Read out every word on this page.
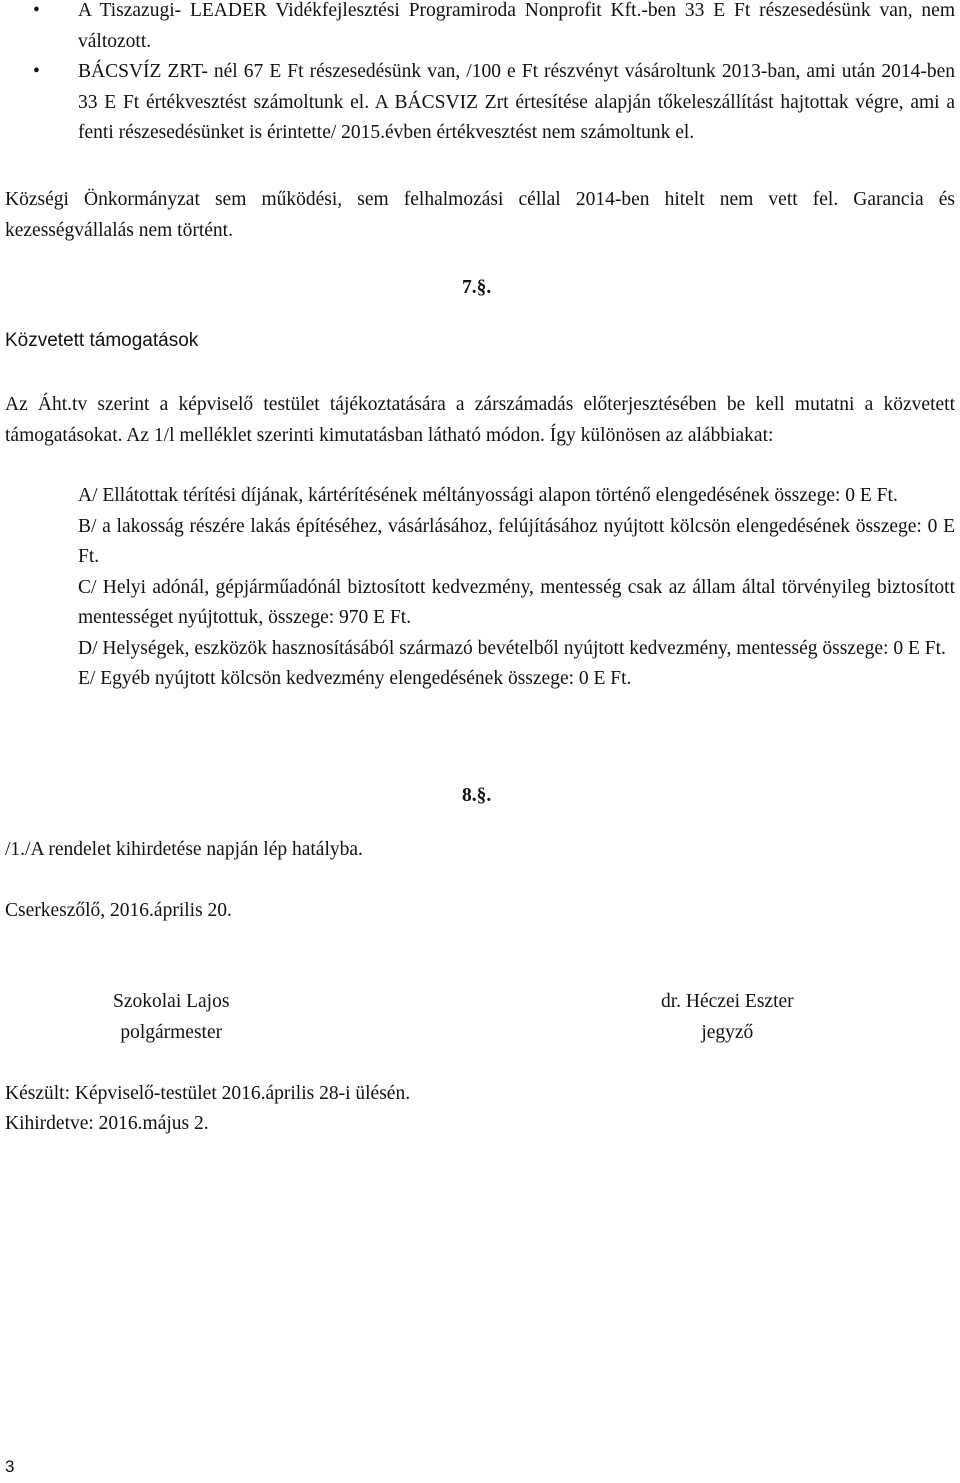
• A Tiszazugi- LEADER Vidékfejlesztési Programiroda Nonprofit Kft.-ben 33 E Ft részesedésünk van, nem változott.
• BÁCSVÍZ ZRT- nél 67 E Ft részesedésünk van, /100 e Ft részvényt vásároltunk 2013-ban, ami után 2014-ben 33 E Ft értékvesztést számoltunk el. A BÁCSVIZ Zrt értesítése alapján tőkeleszállítást hajtottak végre, ami a fenti részesedésünket is érintette/ 2015.évben értékvesztést nem számoltunk el.

Községi Önkormányzat sem működési, sem felhalmozási céllal 2014-ben hitelt nem vett fel. Garancia és kezességvállalás nem történt.

7.§.
Közvetett támogatások

Az Áht.tv szerint a képviselő testület tájékoztatására a zárszámadás előterjesztésében be kell mutatni a közvetett támogatásokat. Az 1/l melléklet szerinti kimutatásban látható módon. Így különösen az alábbiakat:

A/ Ellátottak térítési díjának, kártérítésének méltányossági alapon történő elengedésének összege: 0 E Ft.
B/ a lakosság részére lakás építéséhez, vásárlásához, felújításához nyújtott kölcsön elengedésének összege: 0 E Ft.
C/ Helyi adónál, gépjárműadónál biztosított kedvezmény, mentesség csak az állam által törvényileg biztosított mentességet nyújtottuk, összege: 970 E Ft.
D/ Helységek, eszközök hasznosításából származó bevételből nyújtott kedvezmény, mentesség összege: 0 E Ft.
E/ Egyéb nyújtott kölcsön kedvezmény elengedésének összege: 0 E Ft.
8.§.
/1./A rendelet kihirdetése napján lép hatályba.
Cserkeszőlő, 2016.április 20.
Szokolai Lajos
polgármester
dr. Héczei Eszter
jegyző
Készült: Képviselő-testület 2016.április 28-i ülésén.
Kihirdetve: 2016.május 2.
3
